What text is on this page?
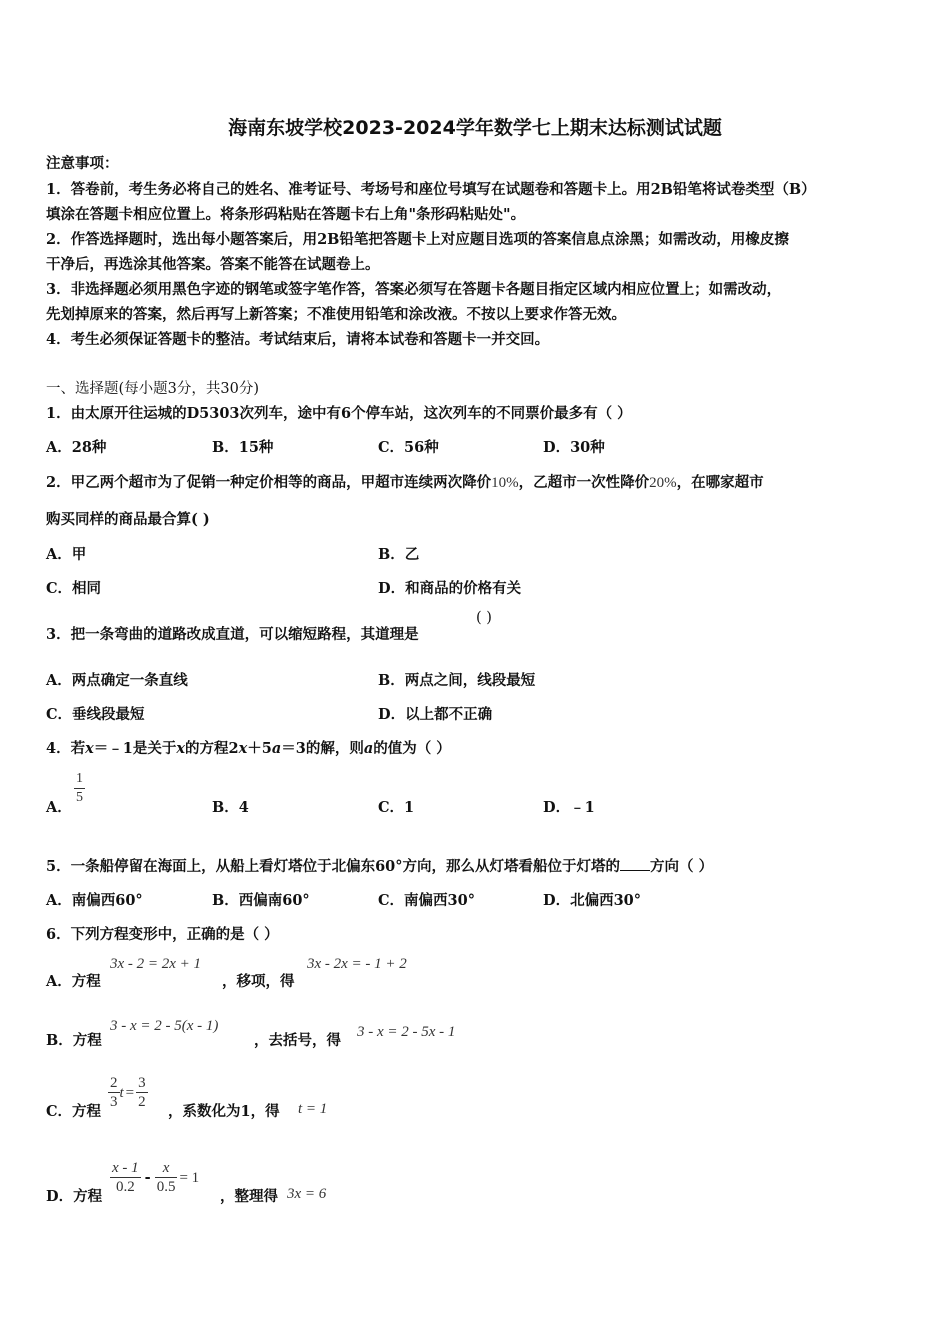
海南东坡学校2023-2024学年数学七上期末达标测试试题
注意事项：
1．答卷前，考生务必将自己的姓名、准考证号、考场号和座位号填写在试题卷和答题卡上。用2B铅笔将试卷类型（B）
填涂在答题卡相应位置上。将条形码粘贴在答题卡右上角"条形码粘贴处"。
2．作答选择题时，选出每小题答案后，用2B铅笔把答题卡上对应题目选项的答案信息点涂黑；如需改动，用橡皮擦
干净后，再选涂其他答案。答案不能答在试题卷上。
3．非选择题必须用黑色字迹的钢笔或签字笔作答，答案必须写在答题卡各题目指定区域内相应位置上；如需改动，
先划掉原来的答案，然后再写上新答案；不准使用铅笔和涂改液。不按以上要求作答无效。
4．考生必须保证答题卡的整洁。考试结束后，请将本试卷和答题卡一并交回。
一、选择题(每小题3分，共30分)
1．由太原开往运城的D5303次列车，途中有6个停车站，这次列车的不同票价最多有（ ）
A．28种	B．15种	C．56种	D．30种
2．甲乙两个超市为了促销一种定价相等的商品，甲超市连续两次降价10%，乙超市一次性降价20%，在哪家超市
购买同样的商品最合算( )
A．甲	B．乙
C．相同	D．和商品的价格有关
3．把一条弯曲的道路改成直道，可以缩短路程，其道理是
( )
A．两点确定一条直线	B．两点之间，线段最短
C．垂线段最短	D．以上都不正确
4．若x＝﹣1是关于x的方程2x＋5a＝3的解，则a的值为（ ）
A．
$\frac{1}{5}$
B．4	C．1	D．﹣1
5．一条船停留在海面上，从船上看灯塔位于北偏东60°方向，那么从灯塔看船位于灯塔的 方向（ ）
A．南偏西60°	B．西偏南60°	C．南偏西30°	D．北偏西30°
6．下列方程变形中，正确的是（ ）
A．方程
3x - 2 = 2x + 1
，移项，得
3x - 2x = - 1 + 2
B．方程
3 - x = 2 - 5(x - 1)
，去括号，得 3 - x = 2 - 5x - 1
C．方程
$\frac{2}{3}$ $t = \frac{3}{2}$
，系数化为1，得 t = 1
D．方程
$\frac{x - 1}{0.2} - \frac{x}{0.5} = 1$
，整理得 3x = 6
